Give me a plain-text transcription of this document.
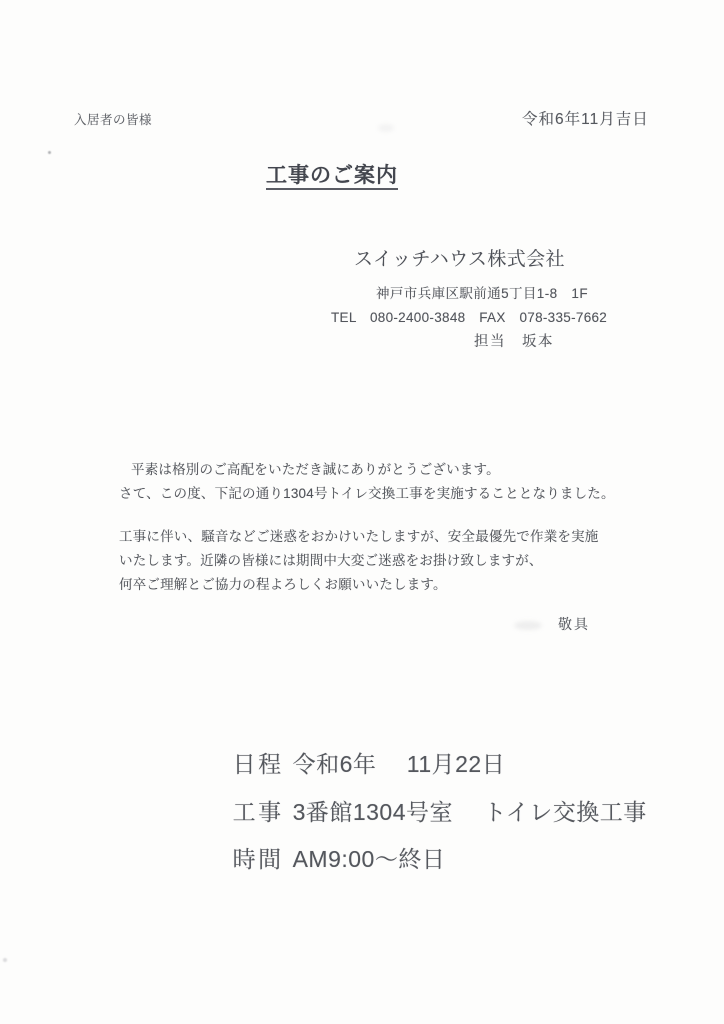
入居者の皆様	令和6年11月吉日
工事のご案内
スイッチハウス株式会社
神戸市兵庫区駅前通5丁目1-8　1F
TEL　080-2400-3848　FAX　078-335-7662
担当　坂本
平素は格別のご高配をいただき誠にありがとうございます。
さて、この度、下記の通り1304号トイレ交換工事を実施することとなりました。
工事に伴い、騒音などご迷惑をおかけいたしますが、安全最優先で作業を実施
いたします。近隣の皆様には期間中大変ご迷惑をお掛け致しますが、
何卒ご理解とご協力の程よろしくお願いいたします。
敬具

日程 令和6年　 11月22日

工事 3番館1304号室　 トイレ交換工事

時間 AM9:00〜終日
